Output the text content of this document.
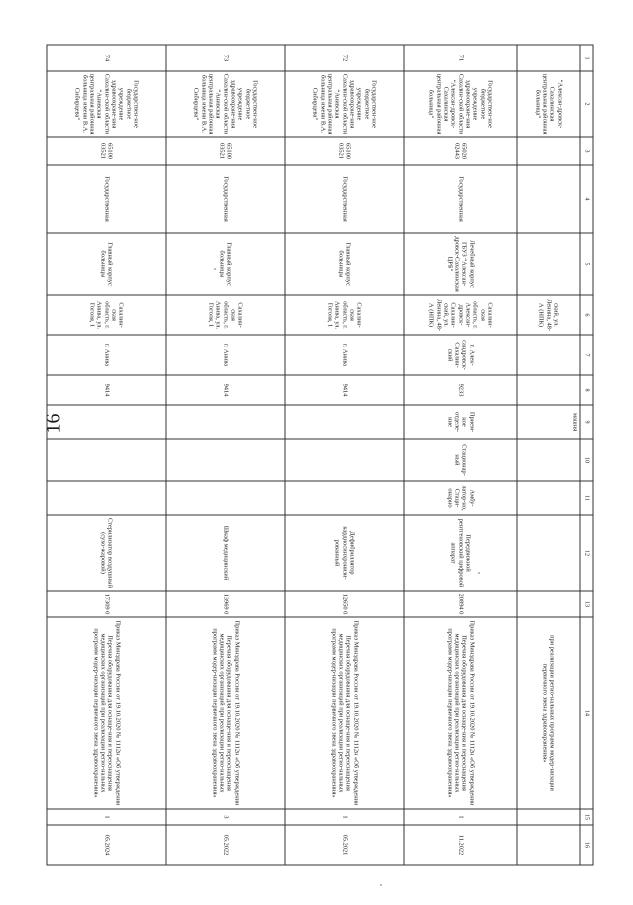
16
1	2	3	4	5	6	7	8	9	10	11	12	13	14	15	16
	“Алексан-дровск-Сахалинская центральная районная больница”				ский, ул. Ленина, 48-А (НПК)			машня					при реализации регио-нальных программ модер-низации первичного звена здравоохранения»		
71	Государствен-ное бюджетное учреждение здравоохране-ния Сахалин-ской области “Алексан-дровск-Сахалинская центральная районная больница”	65020 02443	Государственная	Лечебный корпус ГБУЗ “Алексан-дровск-Сахалинская ЦРБ”	Сахалин-ская область, г. Алексан-дровск-Сахалин-ский, ул. Ленина, 48-А (НПК)	г. Алек-сандровск-Сахалин-ский	9233	Прием-ное отделе-ние	Стационар-ный	Амбу-латор-но, Стаци-онарно	Передвижной рентгеновский цифровой аппарат	20894 0	Приказ Минздрава России от 19.10.2020 № 1112н «Об утверждении Перечня оборудования для оснаще-ния и переоснащения медицинских организаций при реализации регио-нальных программ модер-низации первичного звена здравоохранения»	1	11.2022
72	Государствен-ное бюджетное учреждение здравоохране-ния Сахалин-ской области “Анивская центральная районная больница имени В.А. Сибирцева”	65100 03521	Государственная	Главный корпус больницы	Сахалин-ская область, г. Анива, ул. Гоголя, 1	г. Анива	9414				Дефибриллятор кардиосинхронизи-рованный	12650 0	Приказ Минздрава России от 19.10.2020 № 1112н «Об утверждении Перечня оборудования для оснаще-ния и переоснащения медицинских организаций при реализации регио-нальных программ модер-низации первичного звена здравоохранения»	1	05.2021
73	Государствен-ное бюджетное учреждение здравоохране-ния Сахалин-ской области “Анивская центральная районная больница имени В.А. Сибирцева”	65100 03521	Государственная	Главный корпус больницы	Сахалин-ская область, г. Анива, ул. Гоголя, 1	г. Анива	9414				Шкаф медицинский	13969 0	Приказ Минздрава России от 19.10.2020 № 1112н «Об утверждении Перечня оборудования для оснаще-ния и переоснащения медицинских организаций при реализации регио-нальных программ модер-низации первичного звена здравоохранения»	3	05.2022
74	Государствен-ное бюджетное учреждение здравоохране-ния Сахалин-ской области “Анивская центральная районная больница имени В.А. Сибирцева”	65100 03521	Государственная	Главный корпус больницы	Сахалин-ская область, г. Анива, ул. Гоголя, 1	г. Анива	9414				Стерилизатор воздушный (сухо-жаровой)	17309 0	Приказ Минздрава России от 19.10.2020 № 1112н «Об утверждении Перечня оборудования для оснаще-ния и переоснащения медицинских организаций при реализации регио-нальных программ модер-низации первичного звена здравоохранения»	1	05.2024
